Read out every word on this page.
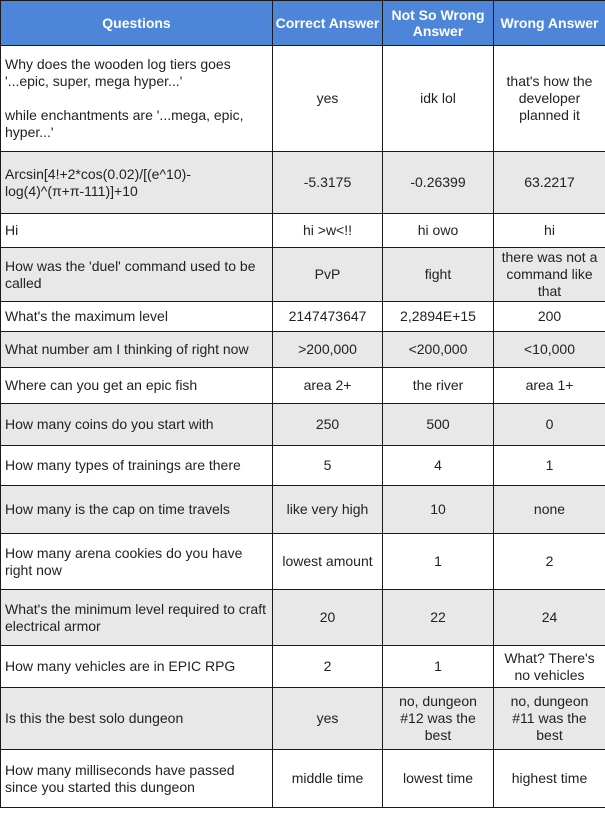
Questions	Correct Answer	Not So Wrong Answer	Wrong Answer

Why does the wooden log tiers goes '...epic, super, mega hyper...'
while enchantments are '...mega, epic, hyper...'	yes	idk lol	that's how the developer planned it

Arcsin[4!+2*cos(0.02)/[(e^10)-log(4)^(π+π-111)]+10	-5.3175	-0.26399	63.2217

Hi	hi >w<!!	hi owo	hi

How was the 'duel' command used to be called	PvP	fight	there was not a command like that

What's the maximum level	2147473647	2,2894E+15	200

What number am I thinking of right now	>200,000	<200,000	<10,000

Where can you get an epic fish	area 2+	the river	area 1+

How many coins do you start with	250	500	0

How many types of trainings are there	5	4	1

How many is the cap on time travels	like very high	10	none

How many arena cookies do you have right now	lowest amount	1	2

What's the minimum level required to craft electrical armor	20	22	24

How many vehicles are in EPIC RPG	2	1	What? There's no vehicles

Is this the best solo dungeon	yes	no, dungeon #12 was the best	no, dungeon #11 was the best

How many milliseconds have passed since you started this dungeon	middle time	lowest time	highest time
